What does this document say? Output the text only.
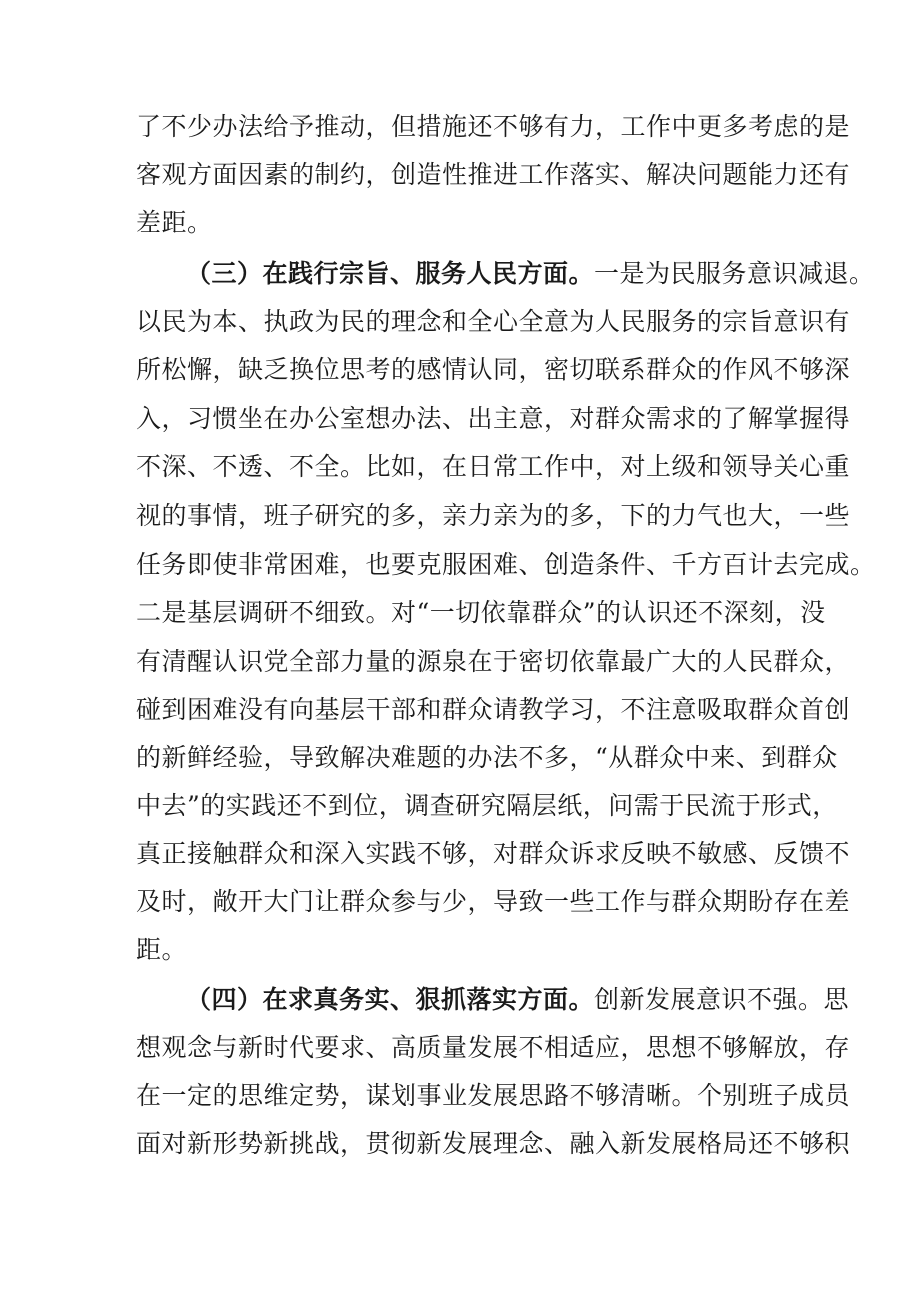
了不少办法给予推动，但措施还不够有力，工作中更多考虑的是
客观方面因素的制约，创造性推进工作落实、解决问题能力还有
差距。
（三）在践行宗旨、服务人民方面。一是为民服务意识减退。
以民为本、执政为民的理念和全心全意为人民服务的宗旨意识有
所松懈，缺乏换位思考的感情认同，密切联系群众的作风不够深
入，习惯坐在办公室想办法、出主意，对群众需求的了解掌握得
不深、不透、不全。比如，在日常工作中，对上级和领导关心重
视的事情，班子研究的多，亲力亲为的多，下的力气也大，一些
任务即使非常困难，也要克服困难、创造条件、千方百计去完成。
二是基层调研不细致。对“一切依靠群众”的认识还不深刻，没
有清醒认识党全部力量的源泉在于密切依靠最广大的人民群众，
碰到困难没有向基层干部和群众请教学习，不注意吸取群众首创
的新鲜经验，导致解决难题的办法不多，“从群众中来、到群众
中去”的实践还不到位，调查研究隔层纸，问需于民流于形式，
真正接触群众和深入实践不够，对群众诉求反映不敏感、反馈不
及时，敞开大门让群众参与少，导致一些工作与群众期盼存在差
距。
（四）在求真务实、狠抓落实方面。创新发展意识不强。思
想观念与新时代要求、高质量发展不相适应，思想不够解放，存
在一定的思维定势，谋划事业发展思路不够清晰。个别班子成员
面对新形势新挑战，贯彻新发展理念、融入新发展格局还不够积
